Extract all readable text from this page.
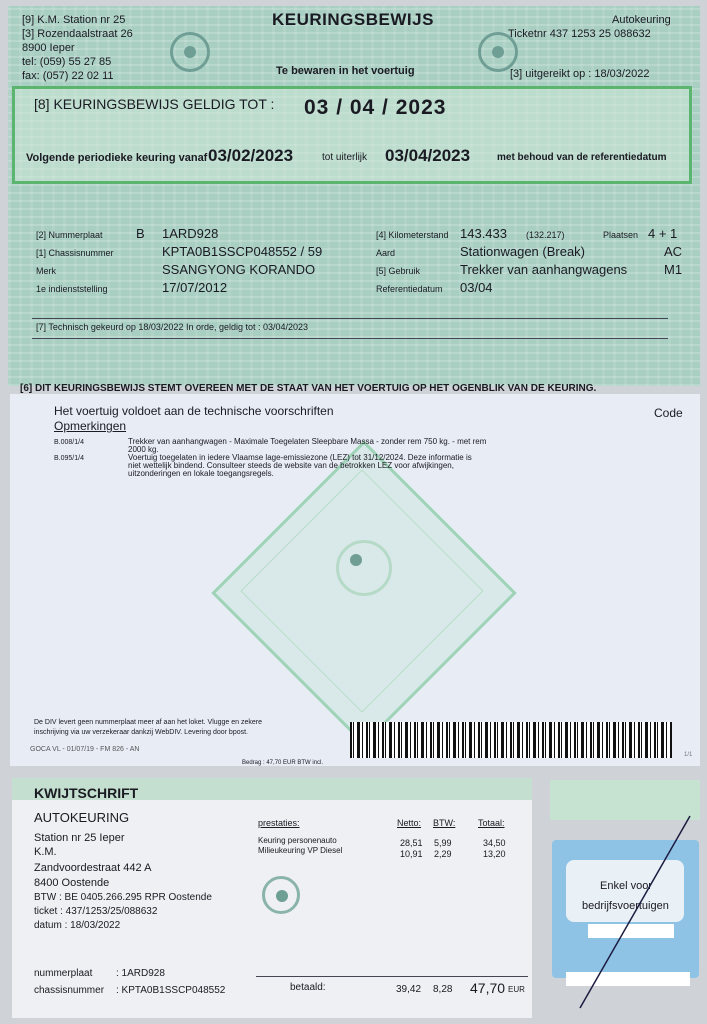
[9] K.M. Station nr 25
[3] Rozendaalstraat 26
8900 Ieper
tel: (059) 55 27 85
fax: (057) 22 02 11
KEURINGSBEWIJS
Te bewaren in het voertuig
Autokeuring
Ticketnr 437 1253 25 088632
[3] uitgereikt op : 18/03/2022
[8] KEURINGSBEWIJS GELDIG TOT : 03 / 04 / 2023
Volgende periodieke keuring vanaf 03/02/2023	tot uiterlijk 03/04/2023	met behoud van de referentiedatum
[2] Nummerplaat	B 1ARD928
[1] Chassisnummer	KPTA0B1SSCP048552 / 59
Merk	SSANGYONG KORANDO
1e indienststelling	17/07/2012
[4] Kilometerstand 143.433 (132.217)	Plaatsen 4 + 1
Aard	Stationwagen (Break)	AC
[5] Gebruik	Trekker van aanhangwagens	M1
Referentiedatum 03/04
[7] Technisch gekeurd op 18/03/2022 In orde, geldig tot : 03/04/2023
[6] DIT KEURINGSBEWIJS STEMT OVEREEN MET DE STAAT VAN HET VOERTUIG OP HET OGENBLIK VAN DE KEURING.
Het voertuig voldoet aan de technische voorschriften	Code
Opmerkingen
B.008/1/4	Trekker van aanhangwagen - Maximale Toegelaten Sleepbare Massa - zonder rem 750 kg. - met rem
2000 kg.
B.095/1/4	Voertuig toegelaten in iedere Vlaamse lage-emissiezone (LEZ) tot 31/12/2024. Deze informatie is
niet wettelijk bindend. Consulteer steeds de website van de betrokken LEZ voor afwijkingen,
uitzonderingen en lokale toegangsregels.
De DIV levert geen nummerplaat meer af aan het loket. Vlugge en zekere
inschrijving via uw verzekeraar dankzij WebDIV. Levering door bpost.
GOCA VL - 01/07/19 - FM 826 - AN
Bedrag : 47,70 EUR BTW incl.
1/1
KWIJTSCHRIFT
AUTOKEURING
Station nr 25 Ieper
K.M.
Zandvoordestraat 442 A
8400 Oostende
BTW : BE 0405.266.295 RPR Oostende
ticket : 437/1253/25/088632
datum : 18/03/2022
prestaties:	Netto: BTW:	Totaal:
Keuring personenauto	28,51 5,99	34,50
Milieukeuring VP Diesel	10,91 2,29	13,20
nummerplaat : 1ARD928
chassisnummer : KPTA0B1SSCP048552	betaald:	39,42 8,28 47,70 EUR
Enkel voor
bedrijfsvoertuigen
